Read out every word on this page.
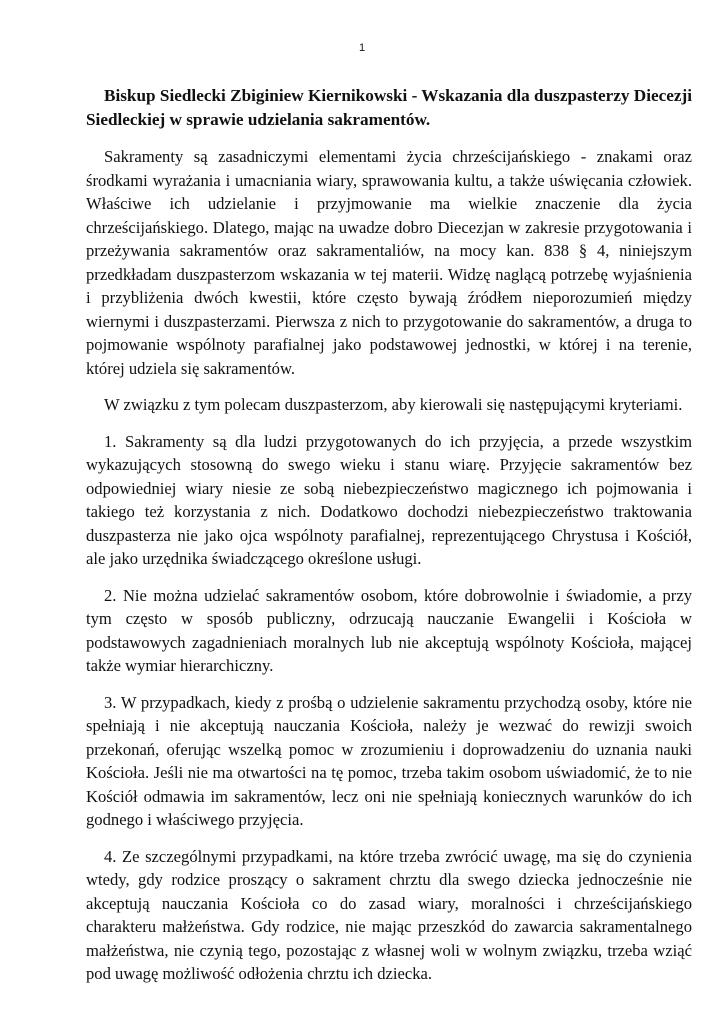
1

Biskup Siedlecki Zbiginiew Kiernikowski - Wskazania dla duszpasterzy Diecezji Siedleckiej w sprawie udzielania sakramentów.

Sakramenty są zasadniczymi elementami życia chrześcijańskiego - znakami oraz środkami wyrażania i umacniania wiary, sprawowania kultu, a także uświęcania człowiek. Właściwe ich udzielanie i przyjmowanie ma wielkie znaczenie dla życia chrześcijańskiego. Dlatego, mając na uwadze dobro Diecezjan w zakresie przygotowania i przeżywania sakramentów oraz sakramentaliów, na mocy kan. 838 § 4, niniejszym przedkładam duszpasterzom wskazania w tej materii. Widzę naglącą potrzebę wyjaśnienia i przybliżenia dwóch kwestii, które często bywają źródłem nieporozumień między wiernymi i duszpasterzami. Pierwsza z nich to przygotowanie do sakramentów, a druga to pojmowanie wspólnoty parafialnej jako podstawowej jednostki, w której i na terenie, której udziela się sakramentów.

W związku z tym polecam duszpasterzom, aby kierowali się następującymi kryteriami.

1. Sakramenty są dla ludzi przygotowanych do ich przyjęcia, a przede wszystkim wykazujących stosowną do swego wieku i stanu wiarę. Przyjęcie sakramentów bez odpowiedniej wiary niesie ze sobą niebezpieczeństwo magicznego ich pojmowania i takiego też korzystania z nich. Dodatkowo dochodzi niebezpieczeństwo traktowania duszpasterza nie jako ojca wspólnoty parafialnej, reprezentującego Chrystusa i Kościół, ale jako urzędnika świadczącego określone usługi.

2. Nie można udzielać sakramentów osobom, które dobrowolnie i świadomie, a przy tym często w sposób publiczny, odrzucają nauczanie Ewangelii i Kościoła w podstawowych zagadnieniach moralnych lub nie akceptują wspólnoty Kościoła, mającej także wymiar hierarchiczny.

3. W przypadkach, kiedy z prośbą o udzielenie sakramentu przychodzą osoby, które nie spełniają i nie akceptują nauczania Kościoła, należy je wezwać do rewizji swoich przekonań, oferując wszelką pomoc w zrozumieniu i doprowadzeniu do uznania nauki Kościoła. Jeśli nie ma otwartości na tę pomoc, trzeba takim osobom uświadomić, że to nie Kościół odmawia im sakramentów, lecz oni nie spełniają koniecznych warunków do ich godnego i właściwego przyjęcia.

4. Ze szczególnymi przypadkami, na które trzeba zwrócić uwagę, ma się do czynienia wtedy, gdy rodzice proszący o sakrament chrztu dla swego dziecka jednocześnie nie akceptują nauczania Kościoła co do zasad wiary, moralności i chrześcijańskiego charakteru małżeństwa. Gdy rodzice, nie mając przeszkód do zawarcia sakramentalnego małżeństwa, nie czynią tego, pozostając z własnej woli w wolnym związku, trzeba wziąć pod uwagę możliwość odłożenia chrztu ich dziecka.
